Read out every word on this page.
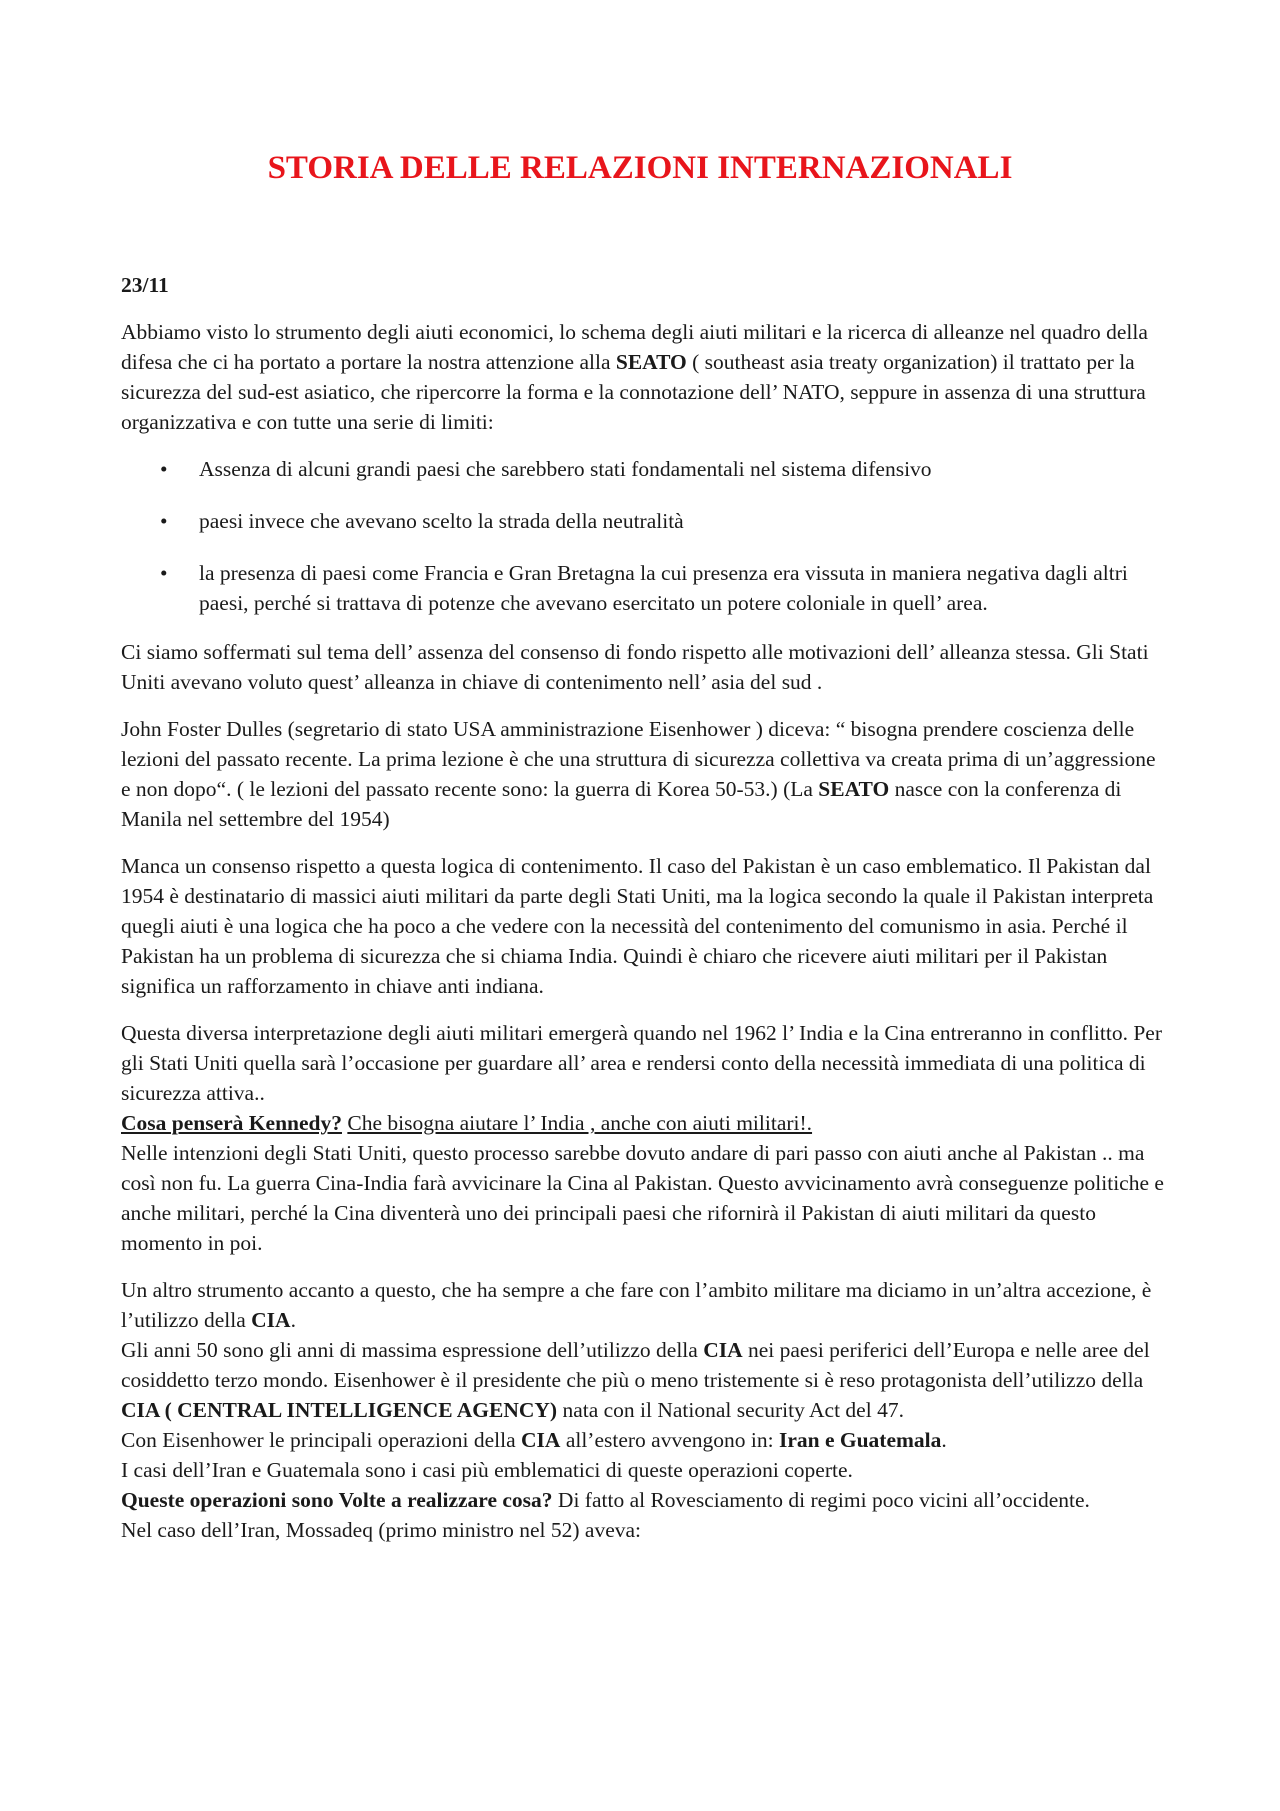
STORIA DELLE RELAZIONI INTERNAZIONALI
23/11

Abbiamo visto lo strumento degli aiuti economici, lo schema degli aiuti militari e la ricerca di alleanze nel quadro della difesa che ci ha portato a portare la nostra attenzione alla SEATO ( southeast asia treaty organization) il trattato per la sicurezza del sud-est asiatico, che ripercorre la forma e la connotazione dell’ NATO, seppure in assenza di una struttura organizzativa e con tutte una serie di limiti:

• Assenza di alcuni grandi paesi che sarebbero stati fondamentali nel sistema difensivo
• paesi invece che avevano scelto la strada della neutralità
• la presenza di paesi come Francia e Gran Bretagna la cui presenza era vissuta in maniera negativa dagli altri paesi, perché si trattava di potenze che avevano esercitato un potere coloniale in quell’ area.

Ci siamo soffermati sul tema dell’ assenza del consenso di fondo rispetto alle motivazioni dell’ alleanza stessa. Gli Stati Uniti avevano voluto quest’ alleanza in chiave di contenimento nell’ asia del sud .

John Foster Dulles (segretario di stato USA amministrazione Eisenhower ) diceva: “ bisogna prendere coscienza delle lezioni del passato recente. La prima lezione è che una struttura di sicurezza collettiva va creata prima di un’aggressione e non dopo“. ( le lezioni del passato recente sono: la guerra di Korea 50-53.) (La SEATO nasce con la conferenza di Manila nel settembre del 1954)

Manca un consenso rispetto a questa logica di contenimento. Il caso del Pakistan è un caso emblematico. Il Pakistan dal 1954 è destinatario di massici aiuti militari da parte degli Stati Uniti, ma la logica secondo la quale il Pakistan interpreta quegli aiuti è una logica che ha poco a che vedere con la necessità del contenimento del comunismo in asia. Perché il Pakistan ha un problema di sicurezza che si chiama India. Quindi è chiaro che ricevere aiuti militari per il Pakistan significa un rafforzamento in chiave anti indiana.

Questa diversa interpretazione degli aiuti militari emergerà quando nel 1962 l’ India e la Cina entreranno in conflitto. Per gli Stati Uniti quella sarà l’occasione per guardare all’ area e rendersi conto della necessità immediata di una politica di sicurezza attiva..

Cosa penserà Kennedy? Che bisogna aiutare l’ India , anche con aiuti militari!.

Nelle intenzioni degli Stati Uniti, questo processo sarebbe dovuto andare di pari passo con aiuti anche al Pakistan .. ma così non fu. La guerra Cina-India farà avvicinare la Cina al Pakistan. Questo avvicinamento avrà conseguenze politiche e anche militari, perché la Cina diventerà uno dei principali paesi che rifornirà il Pakistan di aiuti militari da questo momento in poi.

Un altro strumento accanto a questo, che ha sempre a che fare con l’ambito militare ma diciamo in un’altra accezione, è l’utilizzo della CIA.

Gli anni 50 sono gli anni di massima espressione dell’utilizzo della CIA nei paesi periferici dell’Europa e nelle aree del cosiddetto terzo mondo. Eisenhower è il presidente che più o meno tristemente si è reso protagonista dell’utilizzo della CIA ( CENTRAL INTELLIGENCE AGENCY) nata con il National security Act del 47.

Con Eisenhower le principali operazioni della CIA all’estero avvengono in: Iran e Guatemala.

I casi dell’Iran e Guatemala sono i casi più emblematici di queste operazioni coperte.

Queste operazioni sono Volte a realizzare cosa? Di fatto al Rovesciamento di regimi poco vicini all’occidente.

Nel caso dell’Iran, Mossadeq (primo ministro nel 52) aveva:
